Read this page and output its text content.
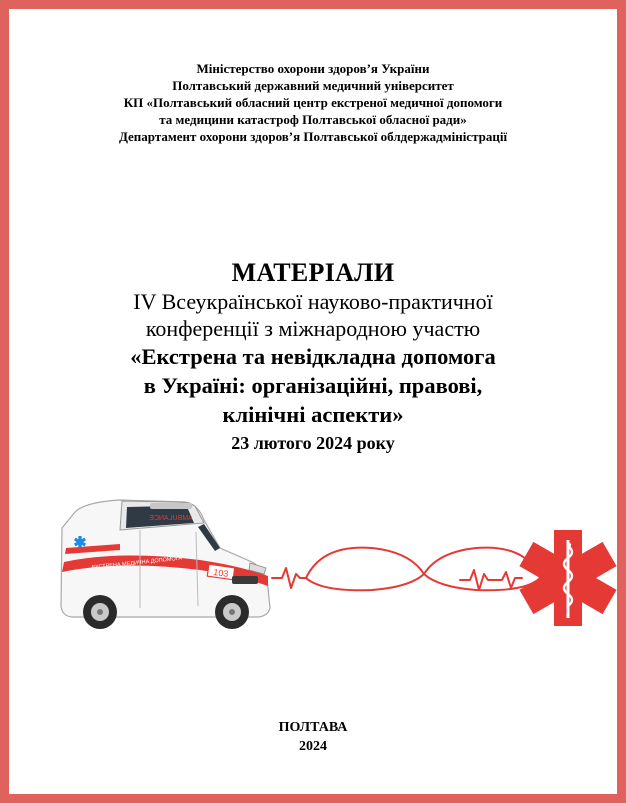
Міністерство охорони здоров’я України
Полтавський державний медичний університет
КП «Полтавський обласний центр екстреної медичної допомоги
та медицини катастроф Полтавської обласної ради»
Департамент охорони здоров’я Полтавської облдержадміністрації
МАТЕРІАЛИ
IV Всеукраїнської науково-практичної
конференції з міжнародною участю
«Екстрена та невідкладна допомога
в Україні: організаційні, правові,
клінічні аспекти»
23 лютого 2024 року
AMBULANCE
ЕКСТРЕНА МЕДИЧНА ДОПОМОГА
103
ПОЛТАВА
2024
